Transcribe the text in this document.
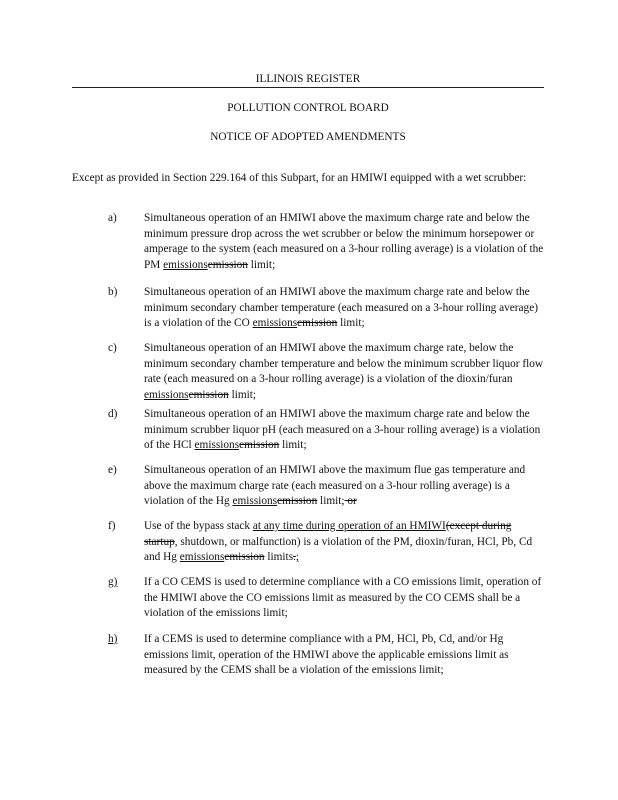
ILLINOIS REGISTER
POLLUTION CONTROL BOARD
NOTICE OF ADOPTED AMENDMENTS
Except as provided in Section 229.164 of this Subpart, for an HMIWI equipped with a wet scrubber:
a) Simultaneous operation of an HMIWI above the maximum charge rate and below the minimum pressure drop across the wet scrubber or below the minimum horsepower or amperage to the system (each measured on a 3-hour rolling average) is a violation of the PM emissionsemission limit;
b) Simultaneous operation of an HMIWI above the maximum charge rate and below the minimum secondary chamber temperature (each measured on a 3-hour rolling average) is a violation of the CO emissionsemission limit;
c) Simultaneous operation of an HMIWI above the maximum charge rate, below the minimum secondary chamber temperature and below the minimum scrubber liquor flow rate (each measured on a 3-hour rolling average) is a violation of the dioxin/furan emissionsemission limit;
d) Simultaneous operation of an HMIWI above the maximum charge rate and below the minimum scrubber liquor pH (each measured on a 3-hour rolling average) is a violation of the HCl emissionsemission limit;
e) Simultaneous operation of an HMIWI above the maximum flue gas temperature and above the maximum charge rate (each measured on a 3-hour rolling average) is a violation of the Hg emissionsemission limit; or
f)	Use of the bypass stack at any time during operation of an HMIWI(except during startup, shutdown, or malfunction) is a violation of the PM, dioxin/furan, HCl, Pb, Cd and Hg emissionsemission limits.;
g) If a CO CEMS is used to determine compliance with a CO emissions limit, operation of the HMIWI above the CO emissions limit as measured by the CO CEMS shall be a violation of the emissions limit;
h) If a CEMS is used to determine compliance with a PM, HCl, Pb, Cd, and/or Hg emissions limit, operation of the HMIWI above the applicable emissions limit as measured by the CEMS shall be a violation of the emissions limit;
